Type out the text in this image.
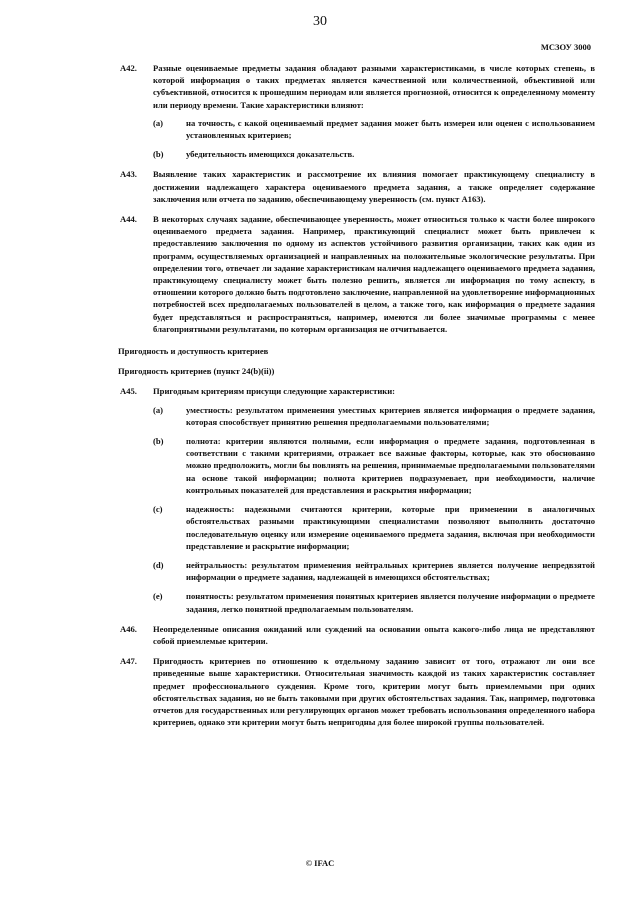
30
МСЗОУ 3000
A42. Разные оцениваемые предметы задания обладают разными характеристиками, в числе которых степень, в которой информация о таких предметах является качественной или количественной, объективной или субъективной, относится к прошедшим периодам или является прогнозной, относится к определенному моменту или периоду времени. Такие характеристики влияют:
(a)	на точность, с какой оцениваемый предмет задания может быть измерен или оценен с использованием установленных критериев;
(b)	убедительность имеющихся доказательств.
A43. Выявление таких характеристик и рассмотрение их влияния помогает практикующему специалисту в достижении надлежащего характера оцениваемого предмета задания, а также определяет содержание заключения или отчета по заданию, обеспечивающему уверенность (см. пункт A163).
A44. В некоторых случаях задание, обеспечивающее уверенность, может относиться только к части более широкого оцениваемого предмета задания. Например, практикующий специалист может быть привлечен к предоставлению заключения по одному из аспектов устойчивого развития организации, таких как один из программ, осуществляемых организацией и направленных на положительные экологические результаты. При определении того, отвечает ли задание характеристикам наличия надлежащего оцениваемого предмета задания, практикующему специалисту может быть полезно решить, является ли информация по тому аспекту, в отношении которого должно быть подготовлено заключение, направленной на удовлетворение информационных потребностей всех предполагаемых пользователей в целом, а также того, как информация о предмете задания будет представляться и распространяться, например, имеются ли более значимые программы с менее благоприятными результатами, по которым организация не отчитывается.
Пригодность и доступность критериев
Пригодность критериев (пункт 24(b)(ii))
A45. Пригодным критериям присущи следующие характеристики:
(a)	уместность: результатом применения уместных критериев является информация о предмете задания, которая способствует принятию решения предполагаемыми пользователями;
(b)	полнота: критерии являются полными, если информация о предмете задания, подготовленная в соответствии с такими критериями, отражает все важные факторы, которые, как это обоснованно можно предположить, могли бы повлиять на решения, принимаемые предполагаемыми пользователями на основе такой информации; полнота критериев подразумевает, при необходимости, наличие контрольных показателей для представления и раскрытия информации;
(c)	надежность: надежными считаются критерии, которые при применении в аналогичных обстоятельствах разными практикующими специалистами позволяют выполнить достаточно последовательную оценку или измерение оцениваемого предмета задания, включая при необходимости представление и раскрытие информации;
(d)	нейтральность: результатом применения нейтральных критериев является получение непредвзятой информации о предмете задания, надлежащей в имеющихся обстоятельствах;
(e)	понятность: результатом применения понятных критериев является получение информации о предмете задания, легко понятной предполагаемым пользователям.
A46. Неопределенные описания ожиданий или суждений на основании опыта какого-либо лица не представляют собой приемлемые критерии.
A47. Пригодность критериев по отношению к отдельному заданию зависит от того, отражают ли они все приведенные выше характеристики. Относительная значимость каждой из таких характеристик составляет предмет профессионального суждения. Кроме того, критерии могут быть приемлемыми при одних обстоятельствах задания, но не быть таковыми при других обстоятельствах задания. Так, например, подготовка отчетов для государственных или регулирующих органов может требовать использования определенного набора критериев, однако эти критерии могут быть непригодны для более широкой группы пользователей.
© IFAC
